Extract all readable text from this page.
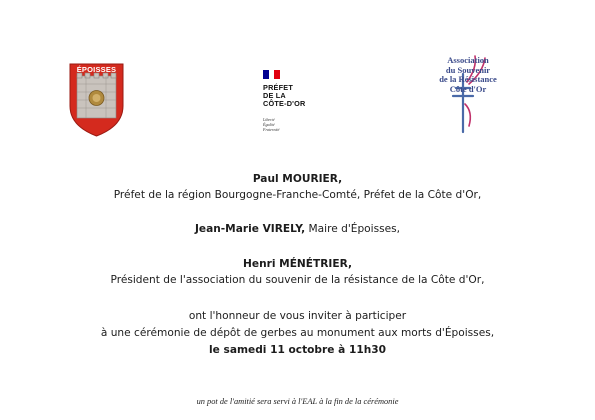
ÉPOISSES
PRÉFET
DE LA
CÔTE-D'OR
Liberté
Égalité
Fraternité
Association
du Souvenir
de la Résistance
Côte d'Or
Paul MOURIER,
Préfet de la région Bourgogne-Franche-Comté, Préfet de la Côte d'Or,
Jean-Marie VIRELY, Maire d'Époisses,
Henri MÉNÉTRIER,
Président de l'association du souvenir de la résistance de la Côte d'Or,
ont l'honneur de vous inviter à participer
à une cérémonie de dépôt de gerbes au monument aux morts d'Époisses,
le samedi 11 octobre à 11h30
un pot de l'amitié sera servi à l'EAL à la fin de la cérémonie
